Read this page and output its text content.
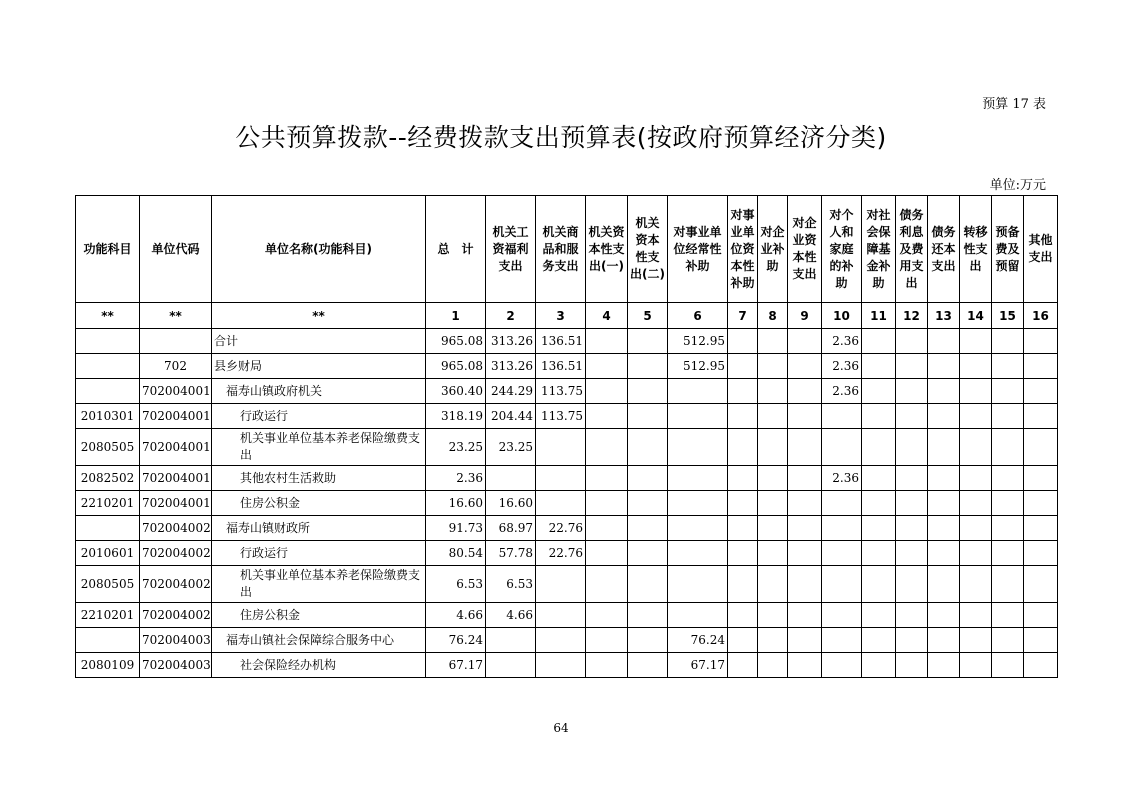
预算 17 表
公共预算拨款--经费拨款支出预算表(按政府预算经济分类)
单位:万元
功能科目	单位代码	单位名称(功能科目)	总　计	机关工资福利支出	机关商品和服务支出	机关资本性支出(一)	机关资本性支出(二)	对事业单位经常性补助	对事业单位资本性补助	对企业补助	对企业资本性支出	对个人和家庭的补助	对社会保障基金补助	债务利息及费用支出	债务还本支出	转移性支出	预备费及预留	其他支出
**	**	**	1	2	3	4	5	6	7	8	9	10	11	12	13	14	15	16
		合计	965.08	313.26	136.51			512.95				2.36						
	702	县乡财局	965.08	313.26	136.51			512.95				2.36						
	702004001	福寿山镇政府机关	360.40	244.29	113.75							2.36						
2010301	702004001	行政运行	318.19	204.44	113.75													
2080505	702004001	机关事业单位基本养老保险缴费支出	23.25	23.25														
2082502	702004001	其他农村生活救助	2.36									2.36						
2210201	702004001	住房公积金	16.60	16.60														
	702004002	福寿山镇财政所	91.73	68.97	22.76													
2010601	702004002	行政运行	80.54	57.78	22.76													
2080505	702004002	机关事业单位基本养老保险缴费支出	6.53	6.53														
2210201	702004002	住房公积金	4.66	4.66														
	702004003	福寿山镇社会保障综合服务中心	76.24					76.24										
2080109	702004003	社会保险经办机构	67.17					67.17										
64
